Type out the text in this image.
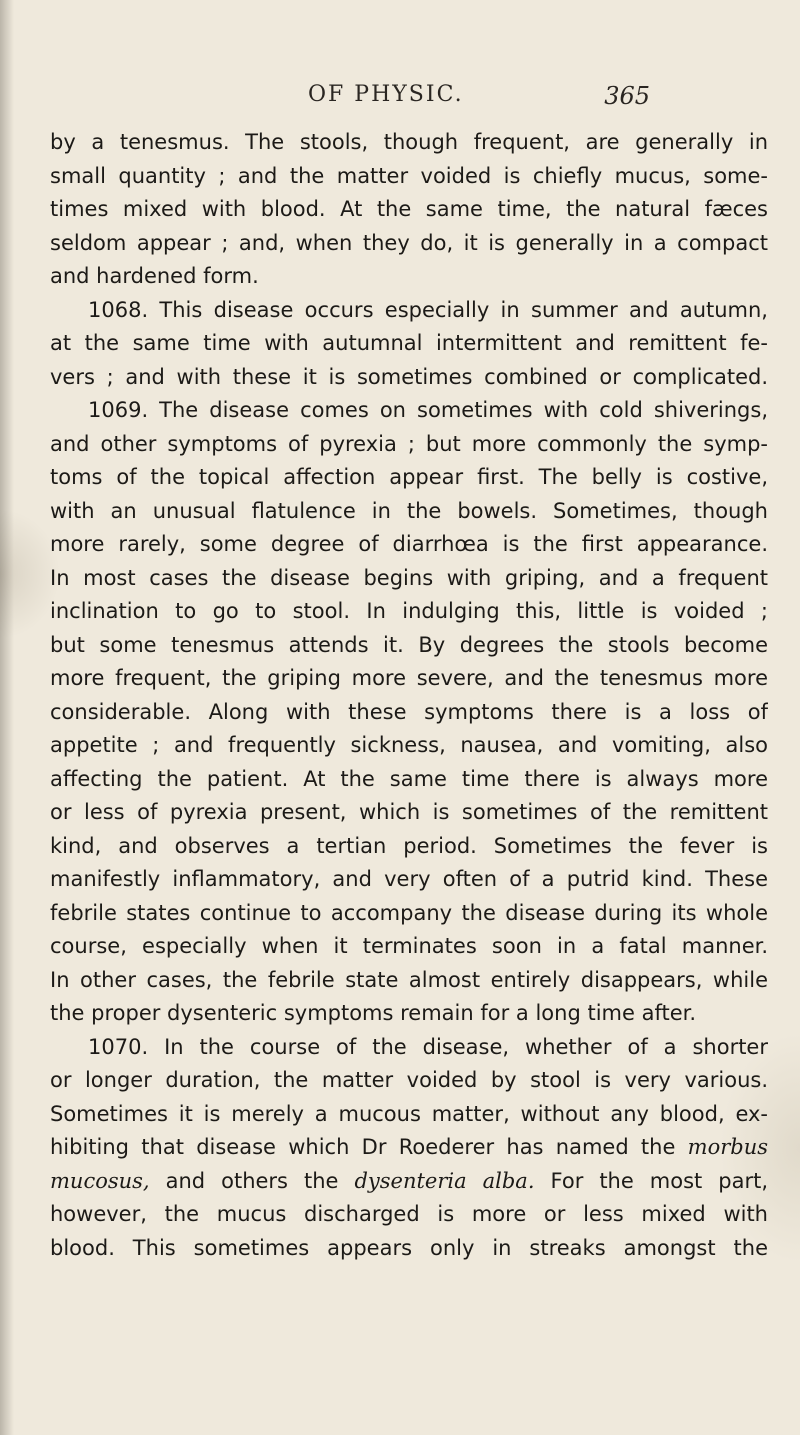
OF PHYSIC.	365
by a tenesmus. The stools, though frequent, are generally in
small quantity ; and the matter voided is chiefly mucus, some-
times mixed with blood. At the same time, the natural fæces
seldom appear ; and, when they do, it is generally in a compact
and hardened form.
1068. This disease occurs especially in summer and autumn,
at the same time with autumnal intermittent and remittent fe-
vers ; and with these it is sometimes combined or complicated.
1069. The disease comes on sometimes with cold shiverings,
and other symptoms of pyrexia ; but more commonly the symp-
toms of the topical affection appear first. The belly is costive,
with an unusual flatulence in the bowels. Sometimes, though
more rarely, some degree of diarrhœa is the first appearance.
In most cases the disease begins with griping, and a frequent
inclination to go to stool. In indulging this, little is voided ;
but some tenesmus attends it. By degrees the stools become
more frequent, the griping more severe, and the tenesmus more
considerable. Along with these symptoms there is a loss of
appetite ; and frequently sickness, nausea, and vomiting, also
affecting the patient. At the same time there is always more
or less of pyrexia present, which is sometimes of the remittent
kind, and observes a tertian period. Sometimes the fever is
manifestly inflammatory, and very often of a putrid kind. These
febrile states continue to accompany the disease during its whole
course, especially when it terminates soon in a fatal manner.
In other cases, the febrile state almost entirely disappears, while
the proper dysenteric symptoms remain for a long time after.
1070. In the course of the disease, whether of a shorter
or longer duration, the matter voided by stool is very various.
Sometimes it is merely a mucous matter, without any blood, ex-
hibiting that disease which Dr Roederer has named the morbus
mucosus, and others the dysenteria alba. For the most part,
however, the mucus discharged is more or less mixed with
blood. This sometimes appears only in streaks amongst the
